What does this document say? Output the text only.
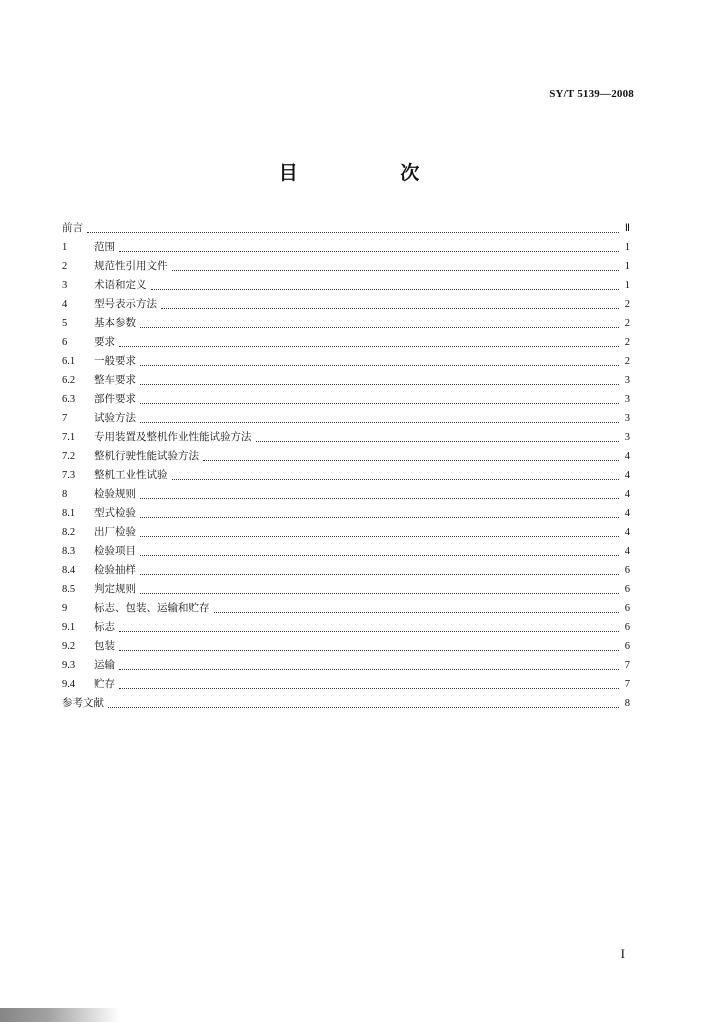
SY/T 5139—2008
目 次
前言	Ⅱ
1	范围	1
2	规范性引用文件	1
3	术语和定义	1
4	型号表示方法	2
5	基本参数	2
6	要求	2
6.1	一般要求	2
6.2	整车要求	3
6.3	部件要求	3
7	试验方法	3
7.1	专用装置及整机作业性能试验方法	3
7.2	整机行驶性能试验方法	4
7.3	整机工业性试验	4
8	检验规则	4
8.1	型式检验	4
8.2	出厂检验	4
8.3	检验项目	4
8.4	检验抽样	6
8.5	判定规则	6
9	标志、包装、运输和贮存	6
9.1	标志	6
9.2	包装	6
9.3	运输	7
9.4	贮存	7
参考文献	8
I
